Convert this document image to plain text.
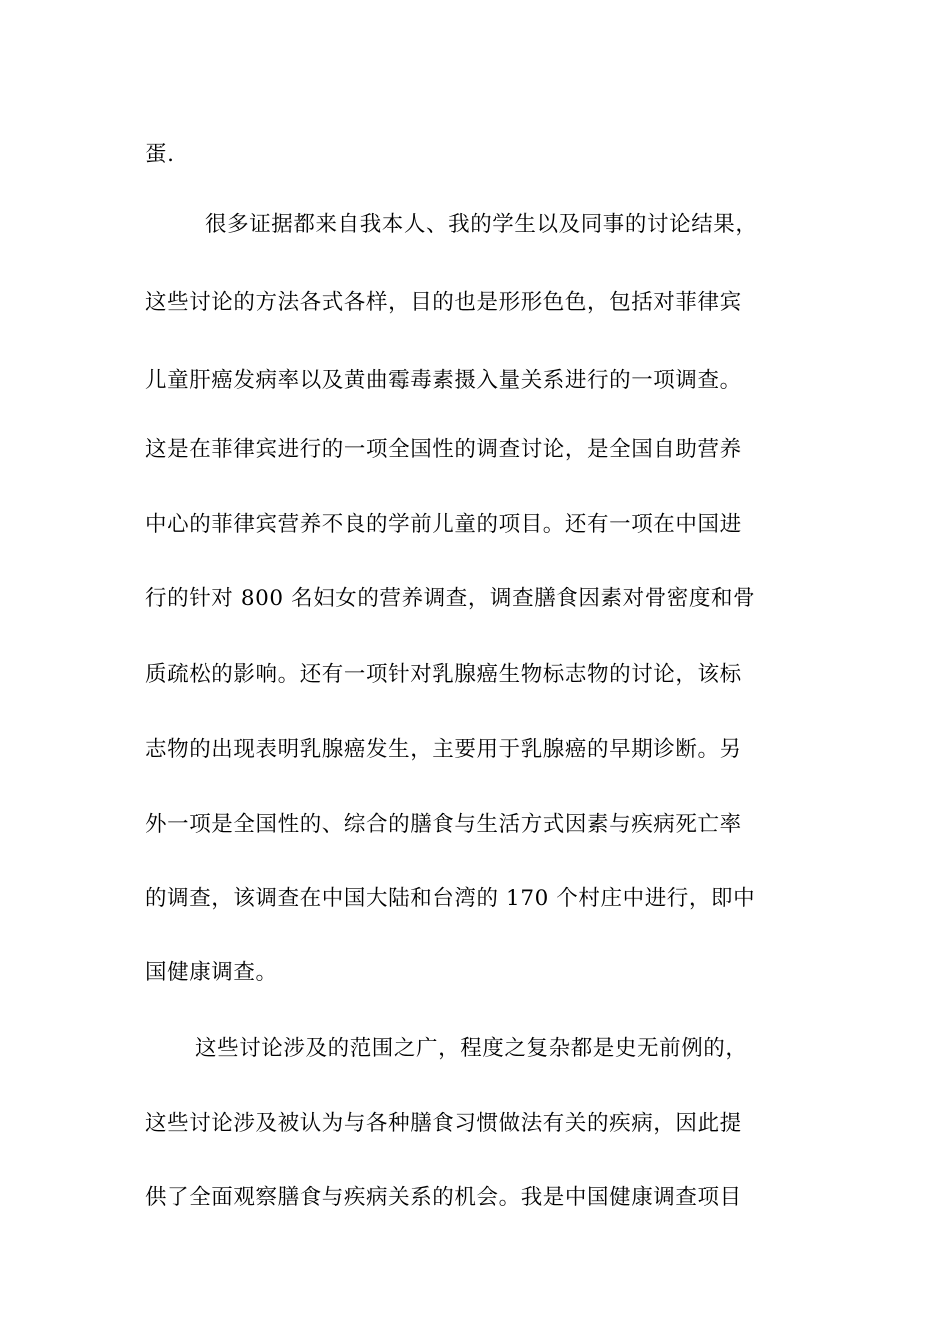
蛋.
很多证据都来自我本人、我的学生以及同事的讨论结果，
这些讨论的方法各式各样，目的也是形形色色，包括对菲律宾
儿童肝癌发病率以及黄曲霉毒素摄入量关系进行的一项调查。
这是在菲律宾进行的一项全国性的调查讨论，是全国自助营养
中心的菲律宾营养不良的学前儿童的项目。还有一项在中国进
行的针对 800 名妇女的营养调查，调查膳食因素对骨密度和骨
质疏松的影响。还有一项针对乳腺癌生物标志物的讨论，该标
志物的出现表明乳腺癌发生，主要用于乳腺癌的早期诊断。另
外一项是全国性的、综合的膳食与生活方式因素与疾病死亡率
的调查，该调查在中国大陆和台湾的 170 个村庄中进行，即中
国健康调查。
这些讨论涉及的范围之广，程度之复杂都是史无前例的，
这些讨论涉及被认为与各种膳食习惯做法有关的疾病，因此提
供了全面观察膳食与疾病关系的机会。我是中国健康调查项目
